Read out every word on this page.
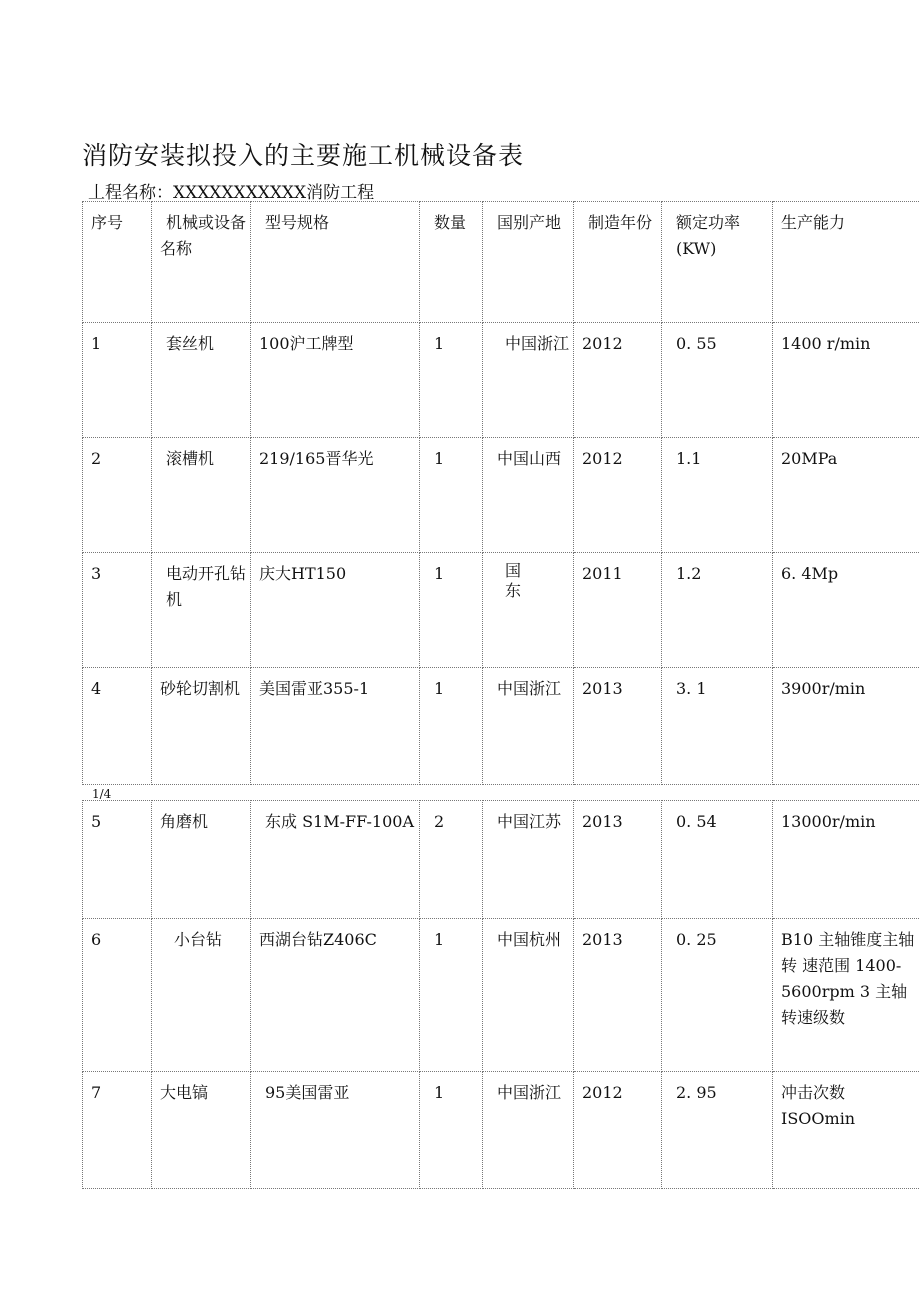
消防安装拟投入的主要施工机械设备表
丄程名称：XXXXXXXXXXX消防工程
序号	机械或设备名称	型号规格	数量	国别产地	制造年份	额定功率(KW)	生产能力
1	套丝机	100沪工牌型	1	中国浙江	2012	0. 55	1400 r/min
2	滚槽机	219/165晋华光	1	中国山西	2012	1.1	20MPa
3	电动开孔钻机	庆大HT150	1	国东	2011	1.2	6. 4Mp
4	砂轮切割机	美国雷亚355-1	1	中国浙江	2013	3. 1	3900r/min
1/4
5	角磨机	东成 S1M-FF-100A	2	中国江苏	2013	0. 54	13000r/min
6	小台钻	西湖台钻Z406C	1	中国杭州	2013	0. 25	B10 主轴锥度主轴转 速范围 1400-5600rpm 3 主轴转速级数
7	大电镐	95美国雷亚	1	中国浙江	2012	2. 95	冲击次数 ISOOmin
